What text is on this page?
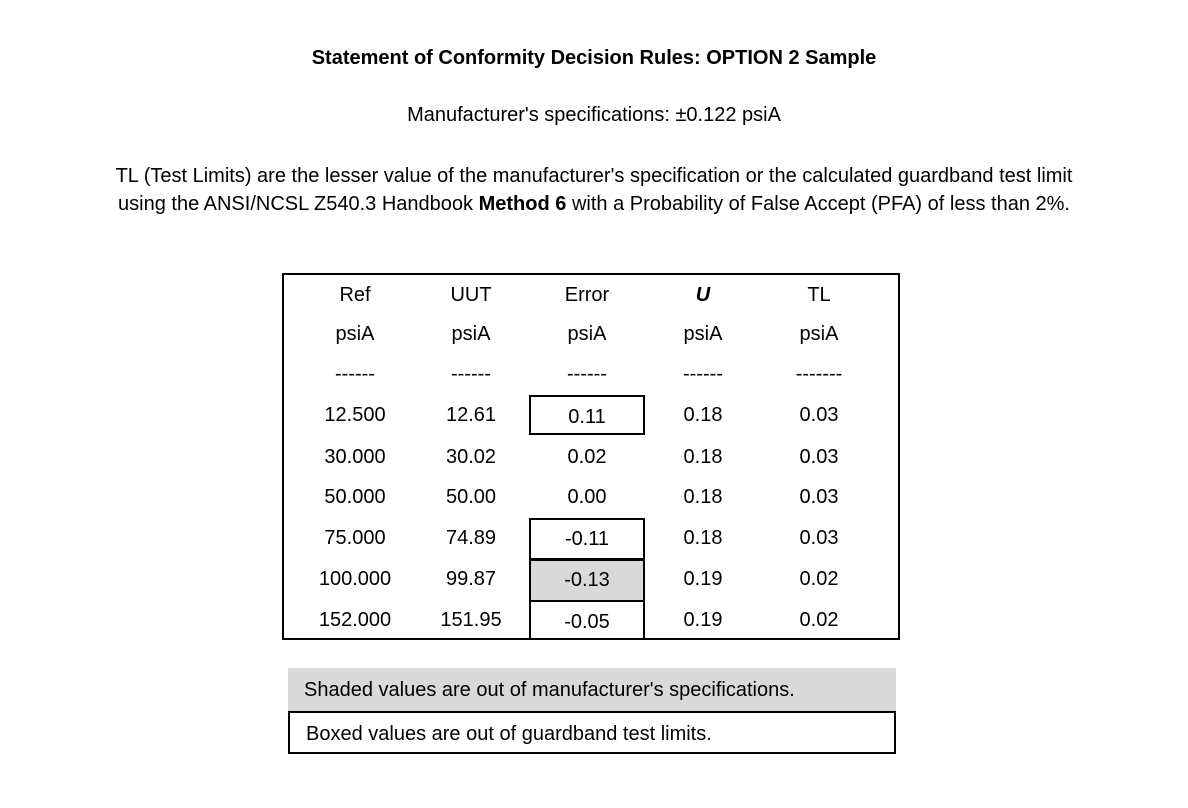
Statement of Conformity Decision Rules: OPTION 2 Sample
Manufacturer's specifications: ±0.122 psiA
TL (Test Limits) are the lesser value of the manufacturer's specification or the calculated guardband test limit
using the ANSI/NCSL Z540.3 Handbook Method 6 with a Probability of False Accept (PFA) of less than 2%.
Ref	UUT	Error	U	TL
psiA	psiA	psiA	psiA	psiA
------	------	------	------	-------
12.500	12.61	0.11	0.18	0.03
30.000	30.02	0.02	0.18	0.03
50.000	50.00	0.00	0.18	0.03
75.000	74.89	-0.11	0.18	0.03
100.000	99.87	-0.13	0.19	0.02
152.000	151.95	-0.05	0.19	0.02
Shaded values are out of manufacturer's specifications.
Boxed values are out of guardband test limits.
